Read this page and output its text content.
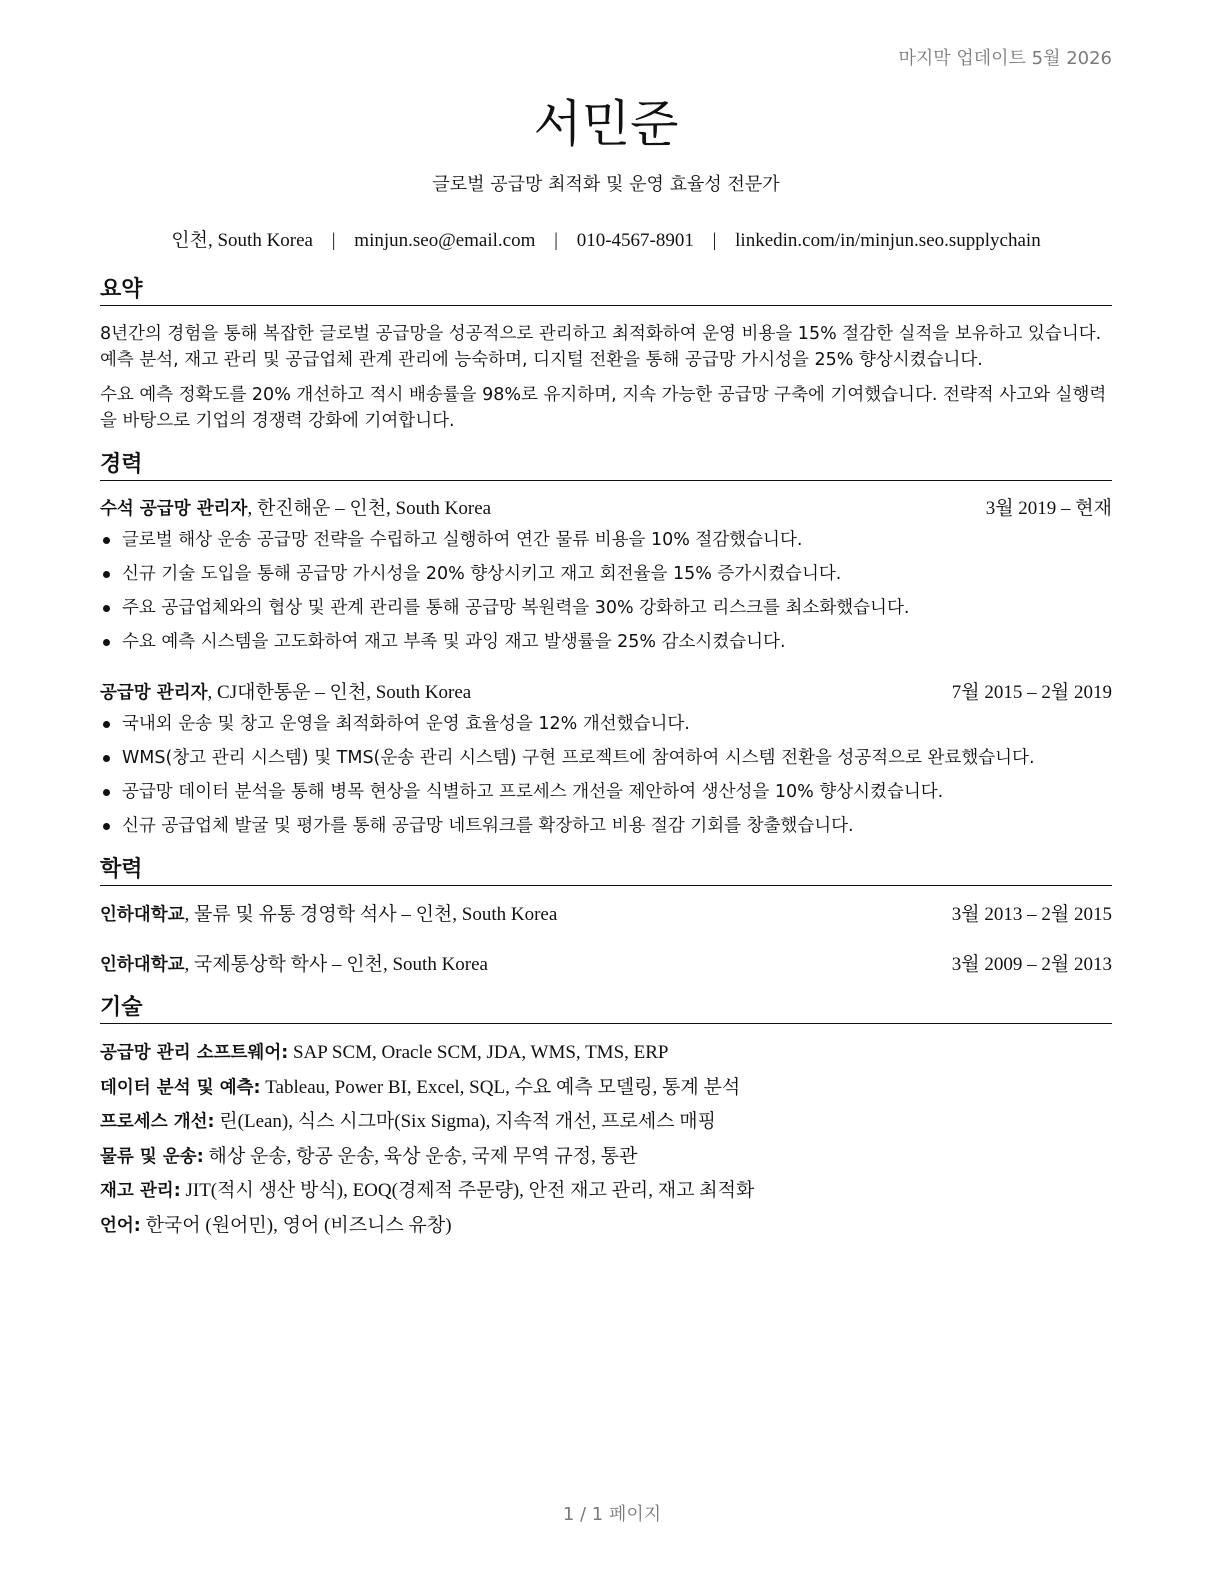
마지막 업데이트 5월 2026
서민준
글로벌 공급망 최적화 및 운영 효율성 전문가
인천, South Korea | minjun.seo@email.com | 010-4567-8901 | linkedin.com/in/minjun.seo.supplychain
요약
8년간의 경험을 통해 복잡한 글로벌 공급망을 성공적으로 관리하고 최적화하여 운영 비용을 15% 절감한 실적을 보유하고 있습니다. 예측 분석, 재고 관리 및 공급업체 관계 관리에 능숙하며, 디지털 전환을 통해 공급망 가시성을 25% 향상시켰습니다.
수요 예측 정확도를 20% 개선하고 적시 배송률을 98%로 유지하며, 지속 가능한 공급망 구축에 기여했습니다. 전략적 사고와 실행력을 바탕으로 기업의 경쟁력 강화에 기여합니다.
경력
수석 공급망 관리자, 한진해운 – 인천, South Korea	3월 2019 – 현재
글로벌 해상 운송 공급망 전략을 수립하고 실행하여 연간 물류 비용을 10% 절감했습니다.
신규 기술 도입을 통해 공급망 가시성을 20% 향상시키고 재고 회전율을 15% 증가시켰습니다.
주요 공급업체와의 협상 및 관계 관리를 통해 공급망 복원력을 30% 강화하고 리스크를 최소화했습니다.
수요 예측 시스템을 고도화하여 재고 부족 및 과잉 재고 발생률을 25% 감소시켰습니다.
공급망 관리자, CJ대한통운 – 인천, South Korea	7월 2015 – 2월 2019
국내외 운송 및 창고 운영을 최적화하여 운영 효율성을 12% 개선했습니다.
WMS(창고 관리 시스템) 및 TMS(운송 관리 시스템) 구현 프로젝트에 참여하여 시스템 전환을 성공적으로 완료했습니다.
공급망 데이터 분석을 통해 병목 현상을 식별하고 프로세스 개선을 제안하여 생산성을 10% 향상시켰습니다.
신규 공급업체 발굴 및 평가를 통해 공급망 네트워크를 확장하고 비용 절감 기회를 창출했습니다.
학력
인하대학교, 물류 및 유통 경영학 석사 – 인천, South Korea	3월 2013 – 2월 2015
인하대학교, 국제통상학 학사 – 인천, South Korea	3월 2009 – 2월 2013
기술
공급망 관리 소프트웨어: SAP SCM, Oracle SCM, JDA, WMS, TMS, ERP
데이터 분석 및 예측: Tableau, Power BI, Excel, SQL, 수요 예측 모델링, 통계 분석
프로세스 개선: 린(Lean), 식스 시그마(Six Sigma), 지속적 개선, 프로세스 매핑
물류 및 운송: 해상 운송, 항공 운송, 육상 운송, 국제 무역 규정, 통관
재고 관리: JIT(적시 생산 방식), EOQ(경제적 주문량), 안전 재고 관리, 재고 최적화
언어: 한국어 (원어민), 영어 (비즈니스 유창)
1 / 1 페이지
